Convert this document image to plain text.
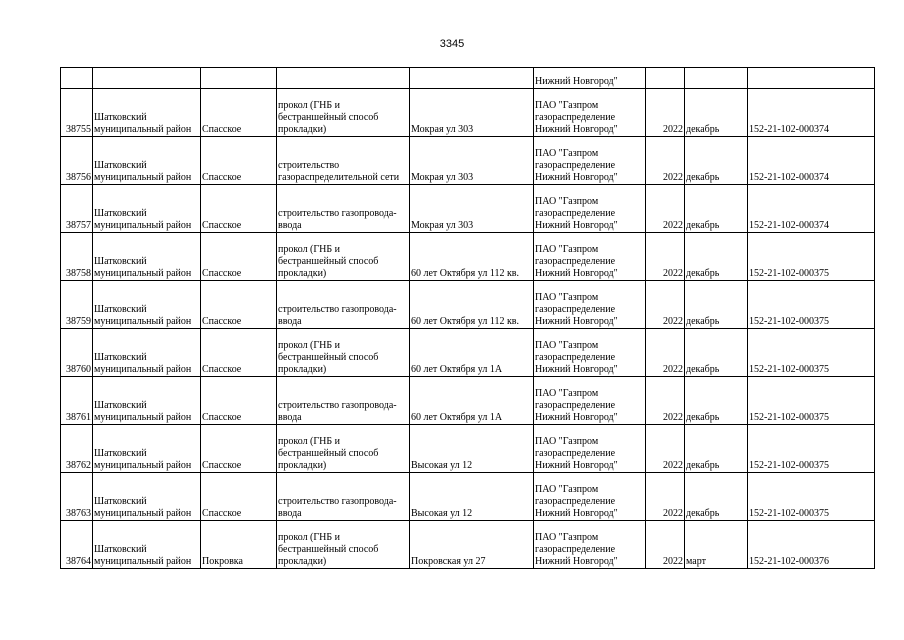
3345
					Нижний Новгород"			
38755	Шатковский муниципальный район	Спасское	прокол (ГНБ и бестраншейный способ прокладки)	Мокрая ул 303	ПАО "Газпром газораспределение Нижний Новгород"	2022	декабрь	152-21-102-000374
38756	Шатковский муниципальный район	Спасское	строительство газораспределительной сети	Мокрая ул 303	ПАО "Газпром газораспределение Нижний Новгород"	2022	декабрь	152-21-102-000374
38757	Шатковский муниципальный район	Спасское	строительство газопровода-ввода	Мокрая ул 303	ПАО "Газпром газораспределение Нижний Новгород"	2022	декабрь	152-21-102-000374
38758	Шатковский муниципальный район	Спасское	прокол (ГНБ и бестраншейный способ прокладки)	60 лет Октября ул 112 кв.	ПАО "Газпром газораспределение Нижний Новгород"	2022	декабрь	152-21-102-000375
38759	Шатковский муниципальный район	Спасское	строительство газопровода-ввода	60 лет Октября ул 112 кв.	ПАО "Газпром газораспределение Нижний Новгород"	2022	декабрь	152-21-102-000375
38760	Шатковский муниципальный район	Спасское	прокол (ГНБ и бестраншейный способ прокладки)	60 лет Октября ул 1А	ПАО "Газпром газораспределение Нижний Новгород"	2022	декабрь	152-21-102-000375
38761	Шатковский муниципальный район	Спасское	строительство газопровода-ввода	60 лет Октября ул 1А	ПАО "Газпром газораспределение Нижний Новгород"	2022	декабрь	152-21-102-000375
38762	Шатковский муниципальный район	Спасское	прокол (ГНБ и бестраншейный способ прокладки)	Высокая ул 12	ПАО "Газпром газораспределение Нижний Новгород"	2022	декабрь	152-21-102-000375
38763	Шатковский муниципальный район	Спасское	строительство газопровода-ввода	Высокая ул 12	ПАО "Газпром газораспределение Нижний Новгород"	2022	декабрь	152-21-102-000375
38764	Шатковский муниципальный район	Покровка	прокол (ГНБ и бестраншейный способ прокладки)	Покровская ул 27	ПАО "Газпром газораспределение Нижний Новгород"	2022	март	152-21-102-000376
